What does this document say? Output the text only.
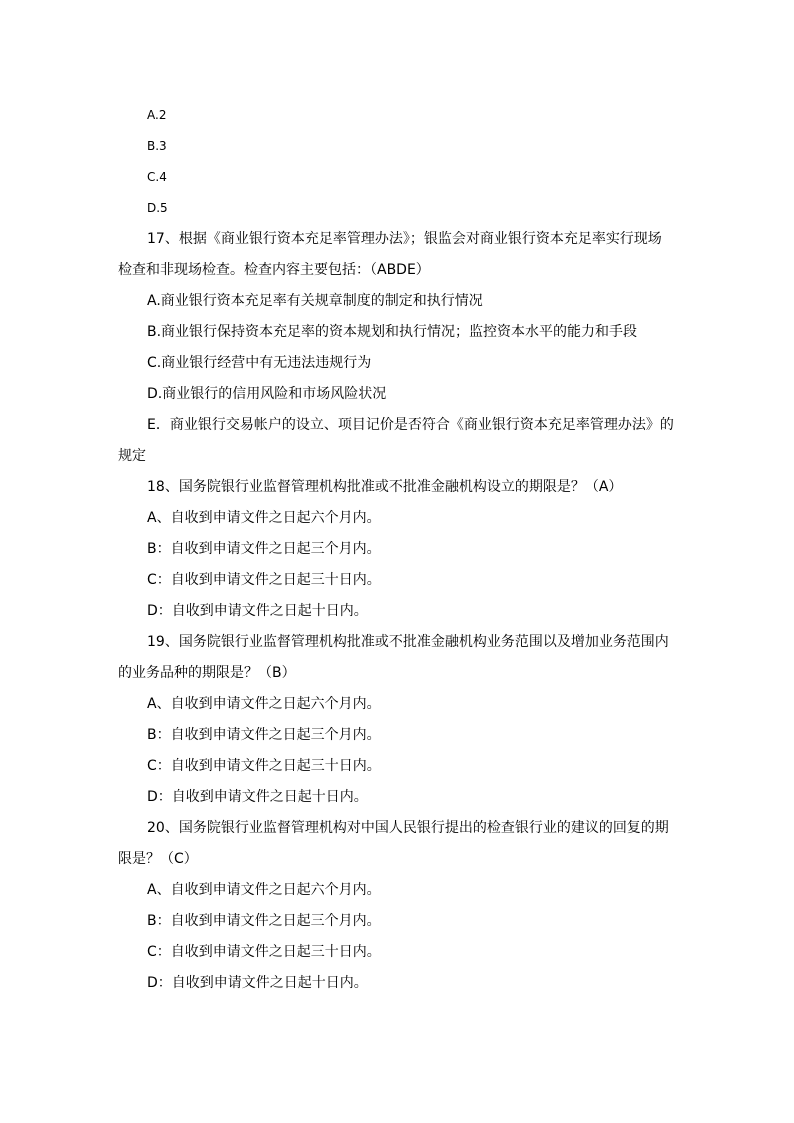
A.2
B.3
C.4
D.5
17、根据《商业银行资本充足率管理办法》；银监会对商业银行资本充足率实行现场
检查和非现场检查。检查内容主要包括：（ABDE）
A.商业银行资本充足率有关规章制度的制定和执行情况
B.商业银行保持资本充足率的资本规划和执行情况；监控资本水平的能力和手段
C.商业银行经营中有无违法违规行为
D.商业银行的信用风险和市场风险状况
E．商业银行交易帐户的设立、项目记价是否符合《商业银行资本充足率管理办法》的
规定
18、国务院银行业监督管理机构批准或不批准金融机构设立的期限是？（A）
A、自收到申请文件之日起六个月内。
B：自收到申请文件之日起三个月内。
C：自收到申请文件之日起三十日内。
D：自收到申请文件之日起十日内。
19、国务院银行业监督管理机构批准或不批准金融机构业务范围以及增加业务范围内
的业务品种的期限是？（B）
A、自收到申请文件之日起六个月内。
B：自收到申请文件之日起三个月内。
C：自收到申请文件之日起三十日内。
D：自收到申请文件之日起十日内。
20、国务院银行业监督管理机构对中国人民银行提出的检查银行业的建议的回复的期
限是？（C）
A、自收到申请文件之日起六个月内。
B：自收到申请文件之日起三个月内。
C：自收到申请文件之日起三十日内。
D：自收到申请文件之日起十日内。
